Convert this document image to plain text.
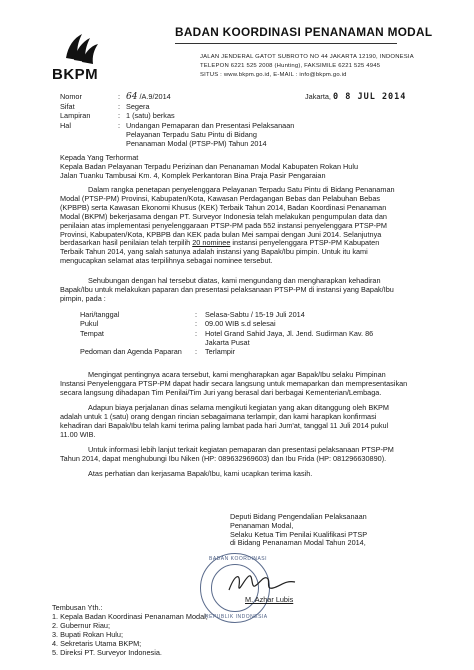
BKPM
BADAN KOORDINASI PENANAMAN MODAL
JALAN JENDERAL GATOT SUBROTO NO 44 JAKARTA 12190, INDONESIA
TELEPON 6221 525 2008 (Hunting), FAKSIMILE 6221 525 4945
SITUS : www.bkpm.go.id, E-MAIL : info@bkpm.go.id
Nomor	: 64 /A.9/2014
Sifat	: Segera
Lampiran	: 1 (satu) berkas
Hal	: Undangan Pemaparan dan Presentasi Pelaksanaan
Pelayanan Terpadu Satu Pintu di Bidang
Penanaman Modal (PTSP-PM) Tahun 2014
Jakarta, 0 8 JUL 2014
Kepada Yang Terhormat
Kepala Badan Pelayanan Terpadu Perizinan dan Penanaman Modal Kabupaten Rokan Hulu
Jalan Tuanku Tambusai Km. 4, Komplek Perkantoran Bina Praja Pasir Pengaraian
Dalam rangka penetapan penyelenggara Pelayanan Terpadu Satu Pintu di Bidang Penanaman
Modal (PTSP-PM) Provinsi, Kabupaten/Kota, Kawasan Perdagangan Bebas dan Pelabuhan Bebas
(KPBPB) serta Kawasan Ekonomi Khusus (KEK) Terbaik Tahun 2014, Badan Koordinasi Penanaman
Modal (BKPM) bekerjasama dengan PT. Surveyor Indonesia telah melakukan pengumpulan data dan
penilaian atas implementasi penyelenggaraan PTSP-PM pada 552 instansi penyelenggara PTSP-PM
Provinsi, Kabupaten/Kota, KPBPB dan KEK pada bulan Mei sampai dengan Juni 2014. Selanjutnya
berdasarkan hasil penilaian telah terpilih 20 nominee instansi penyelenggara PTSP-PM Kabupaten
Terbaik Tahun 2014, yang salah satunya adalah instansi yang Bapak/Ibu pimpin. Untuk itu kami
mengucapkan selamat atas terpilihnya sebagai nominee tersebut.
Sehubungan dengan hal tersebut diatas, kami mengundang dan mengharapkan kehadiran
Bapak/Ibu untuk melakukan paparan dan presentasi pelaksanaan PTSP-PM di instansi yang Bapak/Ibu
pimpin, pada :
Hari/tanggal	:	Selasa-Sabtu / 15-19 Juli 2014
Pukul	:	09.00 WIB s.d selesai
Tempat	:	Hotel Grand Sahid Jaya, Jl. Jend. Sudirman Kav. 86
Jakarta Pusat
Pedoman dan Agenda Paparan	:	Terlampir
Mengingat pentingnya acara tersebut, kami mengharapkan agar Bapak/Ibu selaku Pimpinan
Instansi Penyelenggara PTSP-PM dapat hadir secara langsung untuk memaparkan dan mempresentasikan
secara langsung dihadapan Tim Penilai/Tim Juri yang berasal dari berbagai Kementerian/Lembaga.
Adapun biaya perjalanan dinas selama mengikuti kegiatan yang akan ditanggung oleh BKPM
adalah untuk 1 (satu) orang dengan rincian sebagaimana terlampir, dan kami harapkan konfirmasi
kehadiran dari Bapak/Ibu telah kami terima paling lambat pada hari Jum'at, tanggal 11 Juli 2014 pukul
11.00 WIB.
Untuk informasi lebih lanjut terkait kegiatan pemaparan dan presentasi pelaksanaan PTSP-PM
Tahun 2014, dapat menghubungi Ibu Niken (HP: 089632969603) dan Ibu Frida (HP: 081296630890).
Atas perhatian dan kerjasama Bapak/Ibu, kami ucapkan terima kasih.
Deputi Bidang Pengendalian Pelaksanaan
Penanaman Modal,
Selaku Ketua Tim Penilai Kualifikasi PTSP
di Bidang Penanaman Modal Tahun 2014,
BADAN KOORDINASI
REPUBLIK INDONESIA
M. Azhar Lubis
Tembusan Yth.:
1. Kepala Badan Koordinasi Penanaman Modal;
2. Gubernur Riau;
3. Bupati Rokan Hulu;
4. Sekretaris Utama BKPM;
5. Direksi PT. Surveyor Indonesia.
